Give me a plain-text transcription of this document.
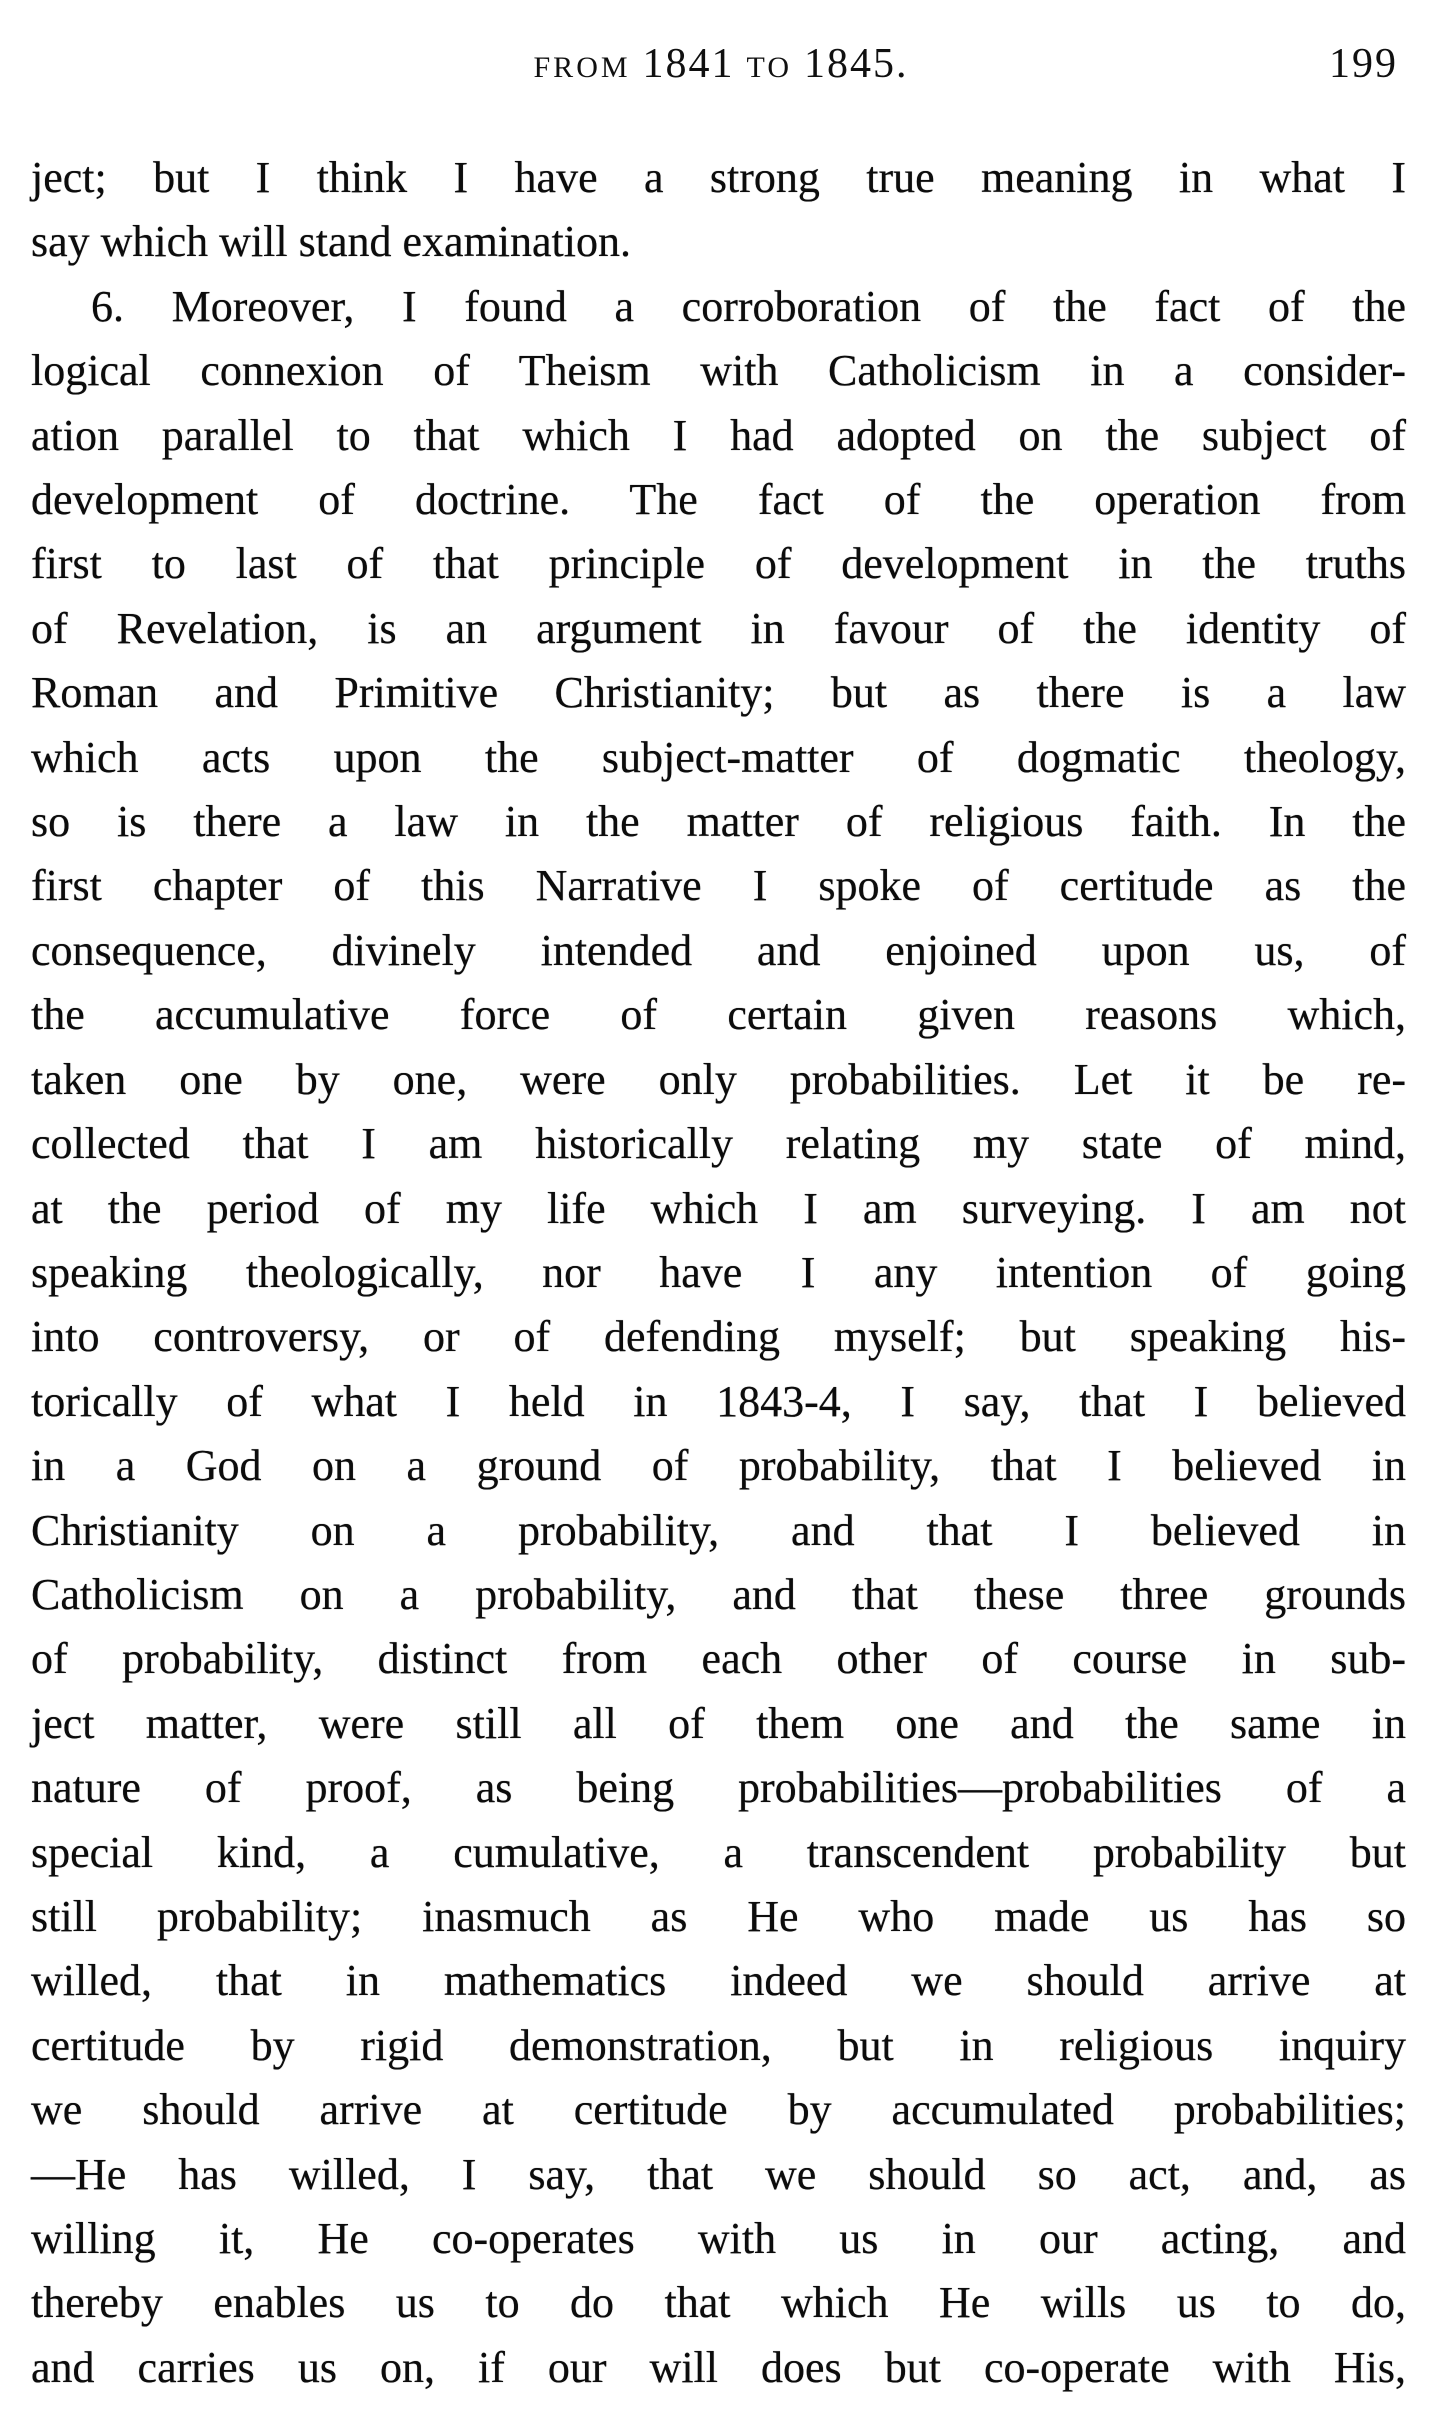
FROM 1841 TO 1845.	199
ject; but I think I have a strong true meaning in what I
say which will stand examination.
6. Moreover, I found a corroboration of the fact of the
logical connexion of Theism with Catholicism in a consider-
ation parallel to that which I had adopted on the subject of
development of doctrine. The fact of the operation from
first to last of that principle of development in the truths
of Revelation, is an argument in favour of the identity of
Roman and Primitive Christianity; but as there is a law
which acts upon the subject-matter of dogmatic theology,
so is there a law in the matter of religious faith. In the
first chapter of this Narrative I spoke of certitude as the
consequence, divinely intended and enjoined upon us, of
the accumulative force of certain given reasons which,
taken one by one, were only probabilities. Let it be re-
collected that I am historically relating my state of mind,
at the period of my life which I am surveying. I am not
speaking theologically, nor have I any intention of going
into controversy, or of defending myself; but speaking his-
torically of what I held in 1843-4, I say, that I believed
in a God on a ground of probability, that I believed in
Christianity on a probability, and that I believed in
Catholicism on a probability, and that these three grounds
of probability, distinct from each other of course in sub-
ject matter, were still all of them one and the same in
nature of proof, as being probabilities—probabilities of a
special kind, a cumulative, a transcendent probability but
still probability; inasmuch as He who made us has so
willed, that in mathematics indeed we should arrive at
certitude by rigid demonstration, but in religious inquiry
we should arrive at certitude by accumulated probabilities;
—He has willed, I say, that we should so act, and, as
willing it, He co-operates with us in our acting, and
thereby enables us to do that which He wills us to do,
and carries us on, if our will does but co-operate with His,
